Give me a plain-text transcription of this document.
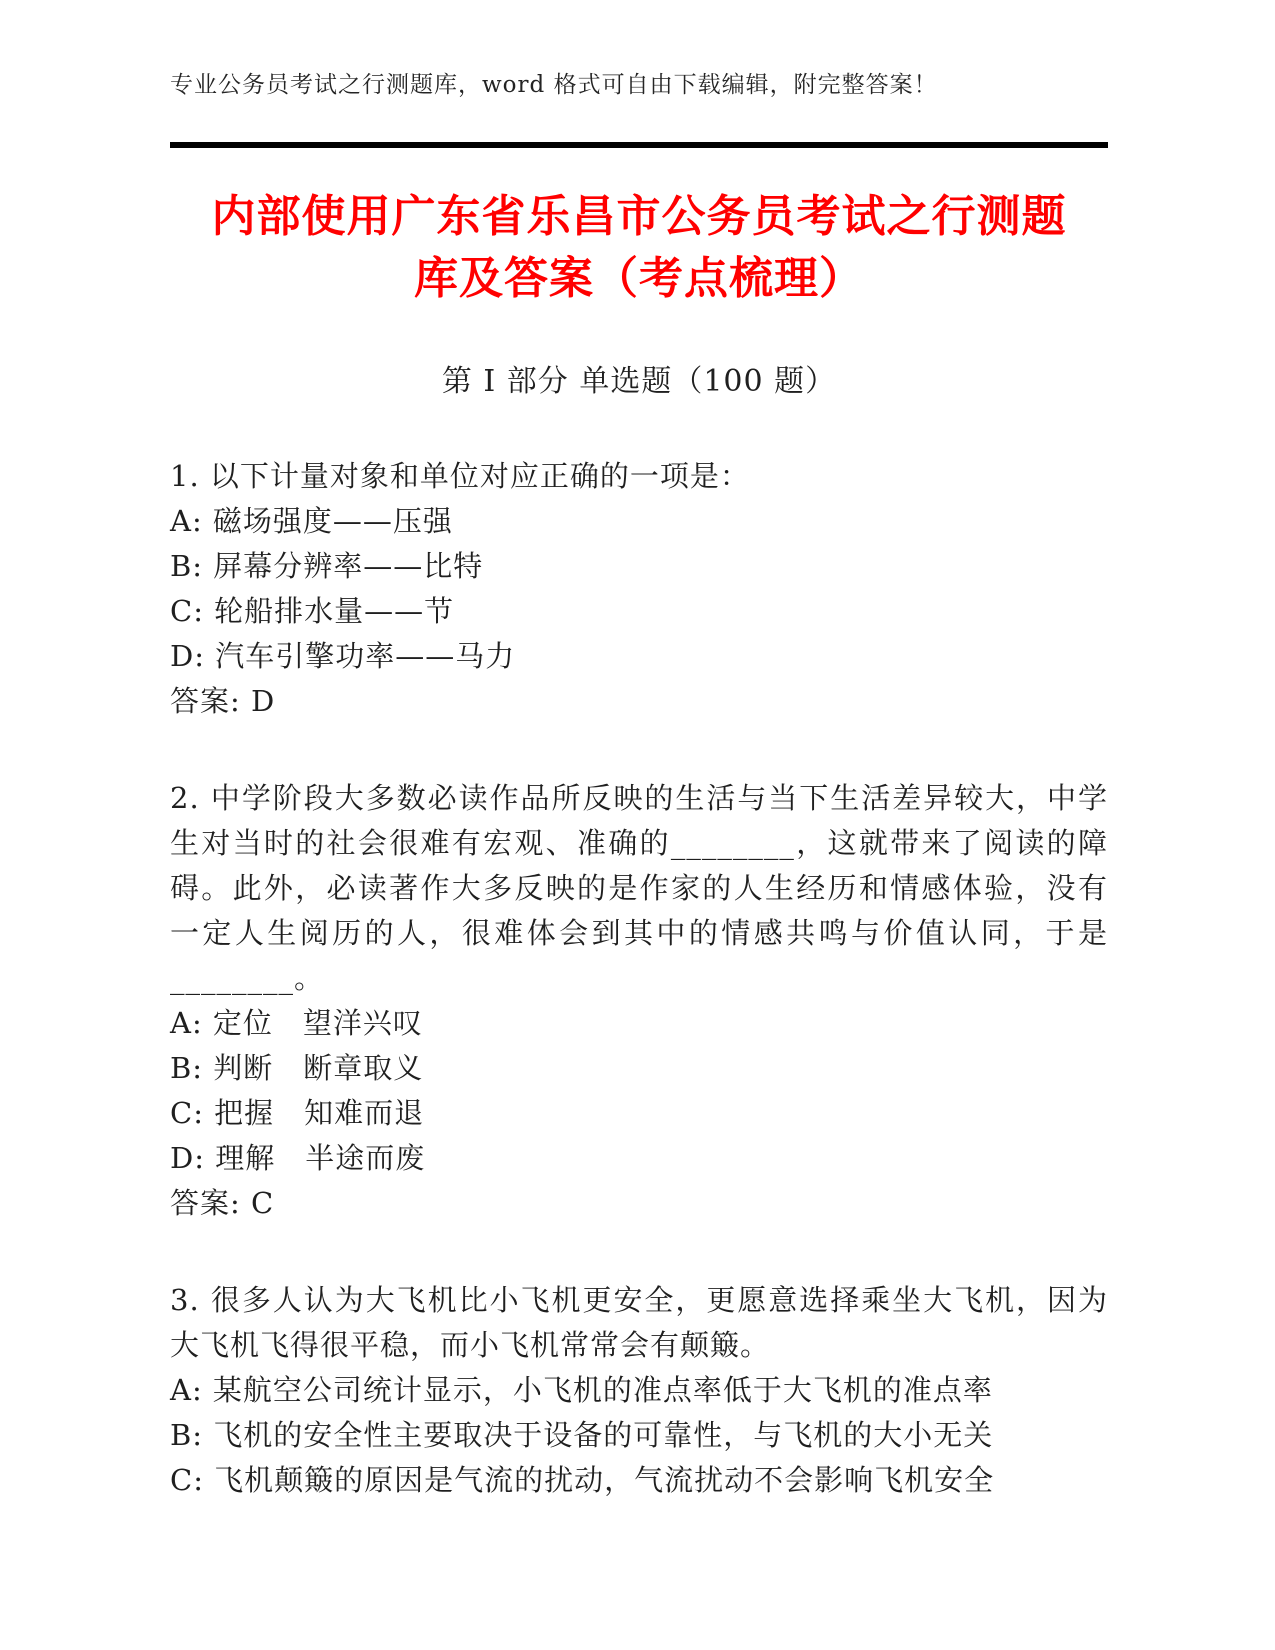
专业公务员考试之行测题库，word 格式可自由下载编辑，附完整答案！

内部使用广东省乐昌市公务员考试之行测题
库及答案（考点梳理）
第 I 部分 单选题（100 题）

1. 以下计量对象和单位对应正确的一项是：

A: 磁场强度——压强

B: 屏幕分辨率——比特

C: 轮船排水量——节

D: 汽车引擎功率——马力

答案: D

2. 中学阶段大多数必读作品所反映的生活与当下生活差异较大，中学

生对当时的社会很难有宏观、准确的________，这就带来了阅读的障

碍。此外，必读著作大多反映的是作家的人生经历和情感体验，没有

一定人生阅历的人，很难体会到其中的情感共鸣与价值认同，于是

________。

A: 定位　望洋兴叹

B: 判断　断章取义

C: 把握　知难而退

D: 理解　半途而废

答案: C

3. 很多人认为大飞机比小飞机更安全，更愿意选择乘坐大飞机，因为

大飞机飞得很平稳，而小飞机常常会有颠簸。

A: 某航空公司统计显示，小飞机的准点率低于大飞机的准点率

B: 飞机的安全性主要取决于设备的可靠性，与飞机的大小无关

C: 飞机颠簸的原因是气流的扰动，气流扰动不会影响飞机安全
